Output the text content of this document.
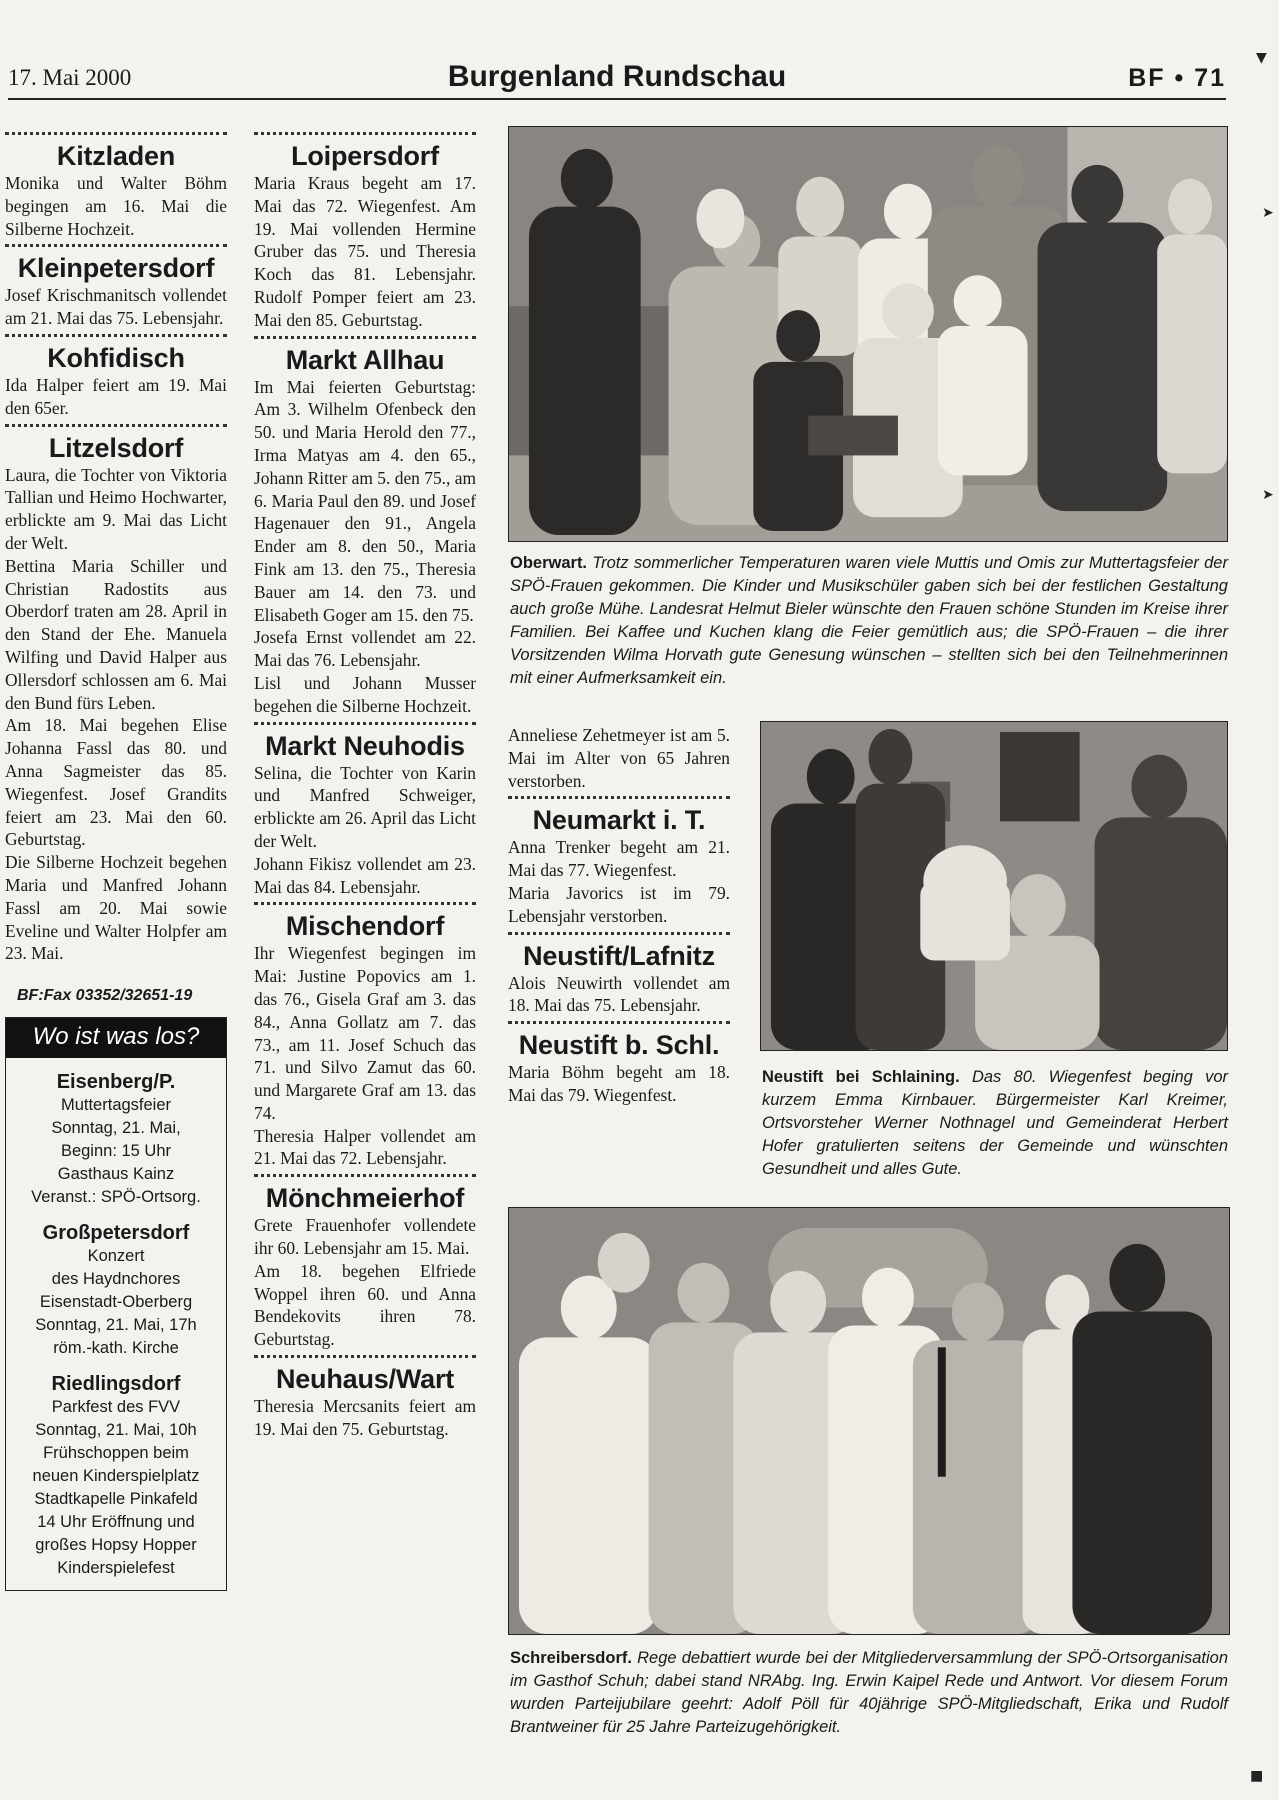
17. Mai 2000	Burgenland Rundschau	BF • 71
Kitzladen

Monika und Walter Böhm begingen am 16. Mai die Silberne Hochzeit.

Kleinpetersdorf

Josef Krischmanitsch vollendet am 21. Mai das 75. Lebensjahr.

Kohfidisch

Ida Halper feiert am 19. Mai den 65er.

Litzelsdorf

Laura, die Tochter von Viktoria Tallian und Heimo Hochwarter, erblickte am 9. Mai das Licht der Welt.

Bettina Maria Schiller und Christian Radostits aus Oberdorf traten am 28. April in den Stand der Ehe. Manuela Wilfing und David Halper aus Ollersdorf schlossen am 6. Mai den Bund fürs Leben.

Am 18. Mai begehen Elise Johanna Fassl das 80. und Anna Sagmeister das 85. Wiegenfest. Josef Grandits feiert am 23. Mai den 60. Geburtstag.

Die Silberne Hochzeit begehen Maria und Manfred Johann Fassl am 20. Mai sowie Eveline und Walter Holpfer am 23. Mai.

BF:Fax 03352/32651-19
Wo ist was los?
Eisenberg/P.
Muttertagsfeier
Sonntag, 21. Mai,
Beginn: 15 Uhr
Gasthaus Kainz
Veranst.: SPÖ-Ortsorg.
Großpetersdorf
Konzert
des Haydnchores
Eisenstadt-Oberberg
Sonntag, 21. Mai, 17h
röm.-kath. Kirche
Riedlingsdorf
Parkfest des FVV
Sonntag, 21. Mai, 10h
Frühschoppen beim
neuen Kinderspielplatz
Stadtkapelle Pinkafeld
14 Uhr Eröffnung und
großes Hopsy Hopper
Kinderspielefest
Loipersdorf

Maria Kraus begeht am 17. Mai das 72. Wiegenfest. Am 19. Mai vollenden Hermine Gruber das 75. und Theresia Koch das 81. Lebensjahr. Rudolf Pomper feiert am 23. Mai den 85. Geburtstag.

Markt Allhau

Im Mai feierten Geburtstag: Am 3. Wilhelm Ofenbeck den 50. und Maria Herold den 77., Irma Matyas am 4. den 65., Johann Ritter am 5. den 75., am 6. Maria Paul den 89. und Josef Hagenauer den 91., Angela Ender am 8. den 50., Maria Fink am 13. den 75., Theresia Bauer am 14. den 73. und Elisabeth Goger am 15. den 75.

Josefa Ernst vollendet am 22. Mai das 76. Lebensjahr.

Lisl und Johann Musser begehen die Silberne Hochzeit.

Markt Neuhodis

Selina, die Tochter von Karin und Manfred Schweiger, erblickte am 26. April das Licht der Welt.

Johann Fikisz vollendet am 23. Mai das 84. Lebensjahr.

Mischendorf

Ihr Wiegenfest begingen im Mai: Justine Popovics am 1. das 76., Gisela Graf am 3. das 84., Anna Gollatz am 7. das 73., am 11. Josef Schuch das 71. und Silvo Zamut das 60. und Margarete Graf am 13. das 74.

Theresia Halper vollendet am 21. Mai das 72. Lebensjahr.

Mönchmeierhof

Grete Frauenhofer vollendete ihr 60. Lebensjahr am 15. Mai.

Am 18. begehen Elfriede Woppel ihren 60. und Anna Bendekovits ihren 78. Geburtstag.

Neuhaus/Wart

Theresia Mercsanits feiert am 19. Mai den 75. Geburtstag.

Oberwart. Trotz sommerlicher Temperaturen waren viele Muttis und Omis zur Muttertagsfeier der SPÖ-Frauen gekommen. Die Kinder und Musikschüler gaben sich bei der festlichen Gestaltung auch große Mühe. Landesrat Helmut Bieler wünschte den Frauen schöne Stunden im Kreise ihrer Familien. Bei Kaffee und Kuchen klang die Feier gemütlich aus; die SPÖ-Frauen – die ihrer Vorsitzenden Wilma Horvath gute Genesung wünschen – stellten sich bei den Teilnehmerinnen mit einer Aufmerksamkeit ein.

Anneliese Zehetmeyer ist am 5. Mai im Alter von 65 Jahren verstorben.

Neumarkt i. T.

Anna Trenker begeht am 21. Mai das 77. Wiegenfest.

Maria Javorics ist im 79. Lebensjahr verstorben.

Neustift/Lafnitz

Alois Neuwirth vollendet am 18. Mai das 75. Lebensjahr.

Neustift b. Schl.

Maria Böhm begeht am 18. Mai das 79. Wiegenfest.

Neustift bei Schlaining. Das 80. Wiegenfest beging vor kurzem Emma Kirnbauer. Bürgermeister Karl Kreimer, Ortsvorsteher Werner Nothnagel und Gemeinderat Herbert Hofer gratulierten seitens der Gemeinde und wünschten Gesundheit und alles Gute.
Schreibersdorf. Rege debattiert wurde bei der Mitgliederversammlung der SPÖ-Ortsorganisation im Gasthof Schuh; dabei stand NRAbg. Ing. Erwin Kaipel Rede und Antwort. Vor diesem Forum wurden Parteijubilare geehrt: Adolf Pöll für 40jährige SPÖ-Mitgliedschaft, Erika und Rudolf Brantweiner für 25 Jahre Parteizugehörigkeit.
▼
➤
➤
■
